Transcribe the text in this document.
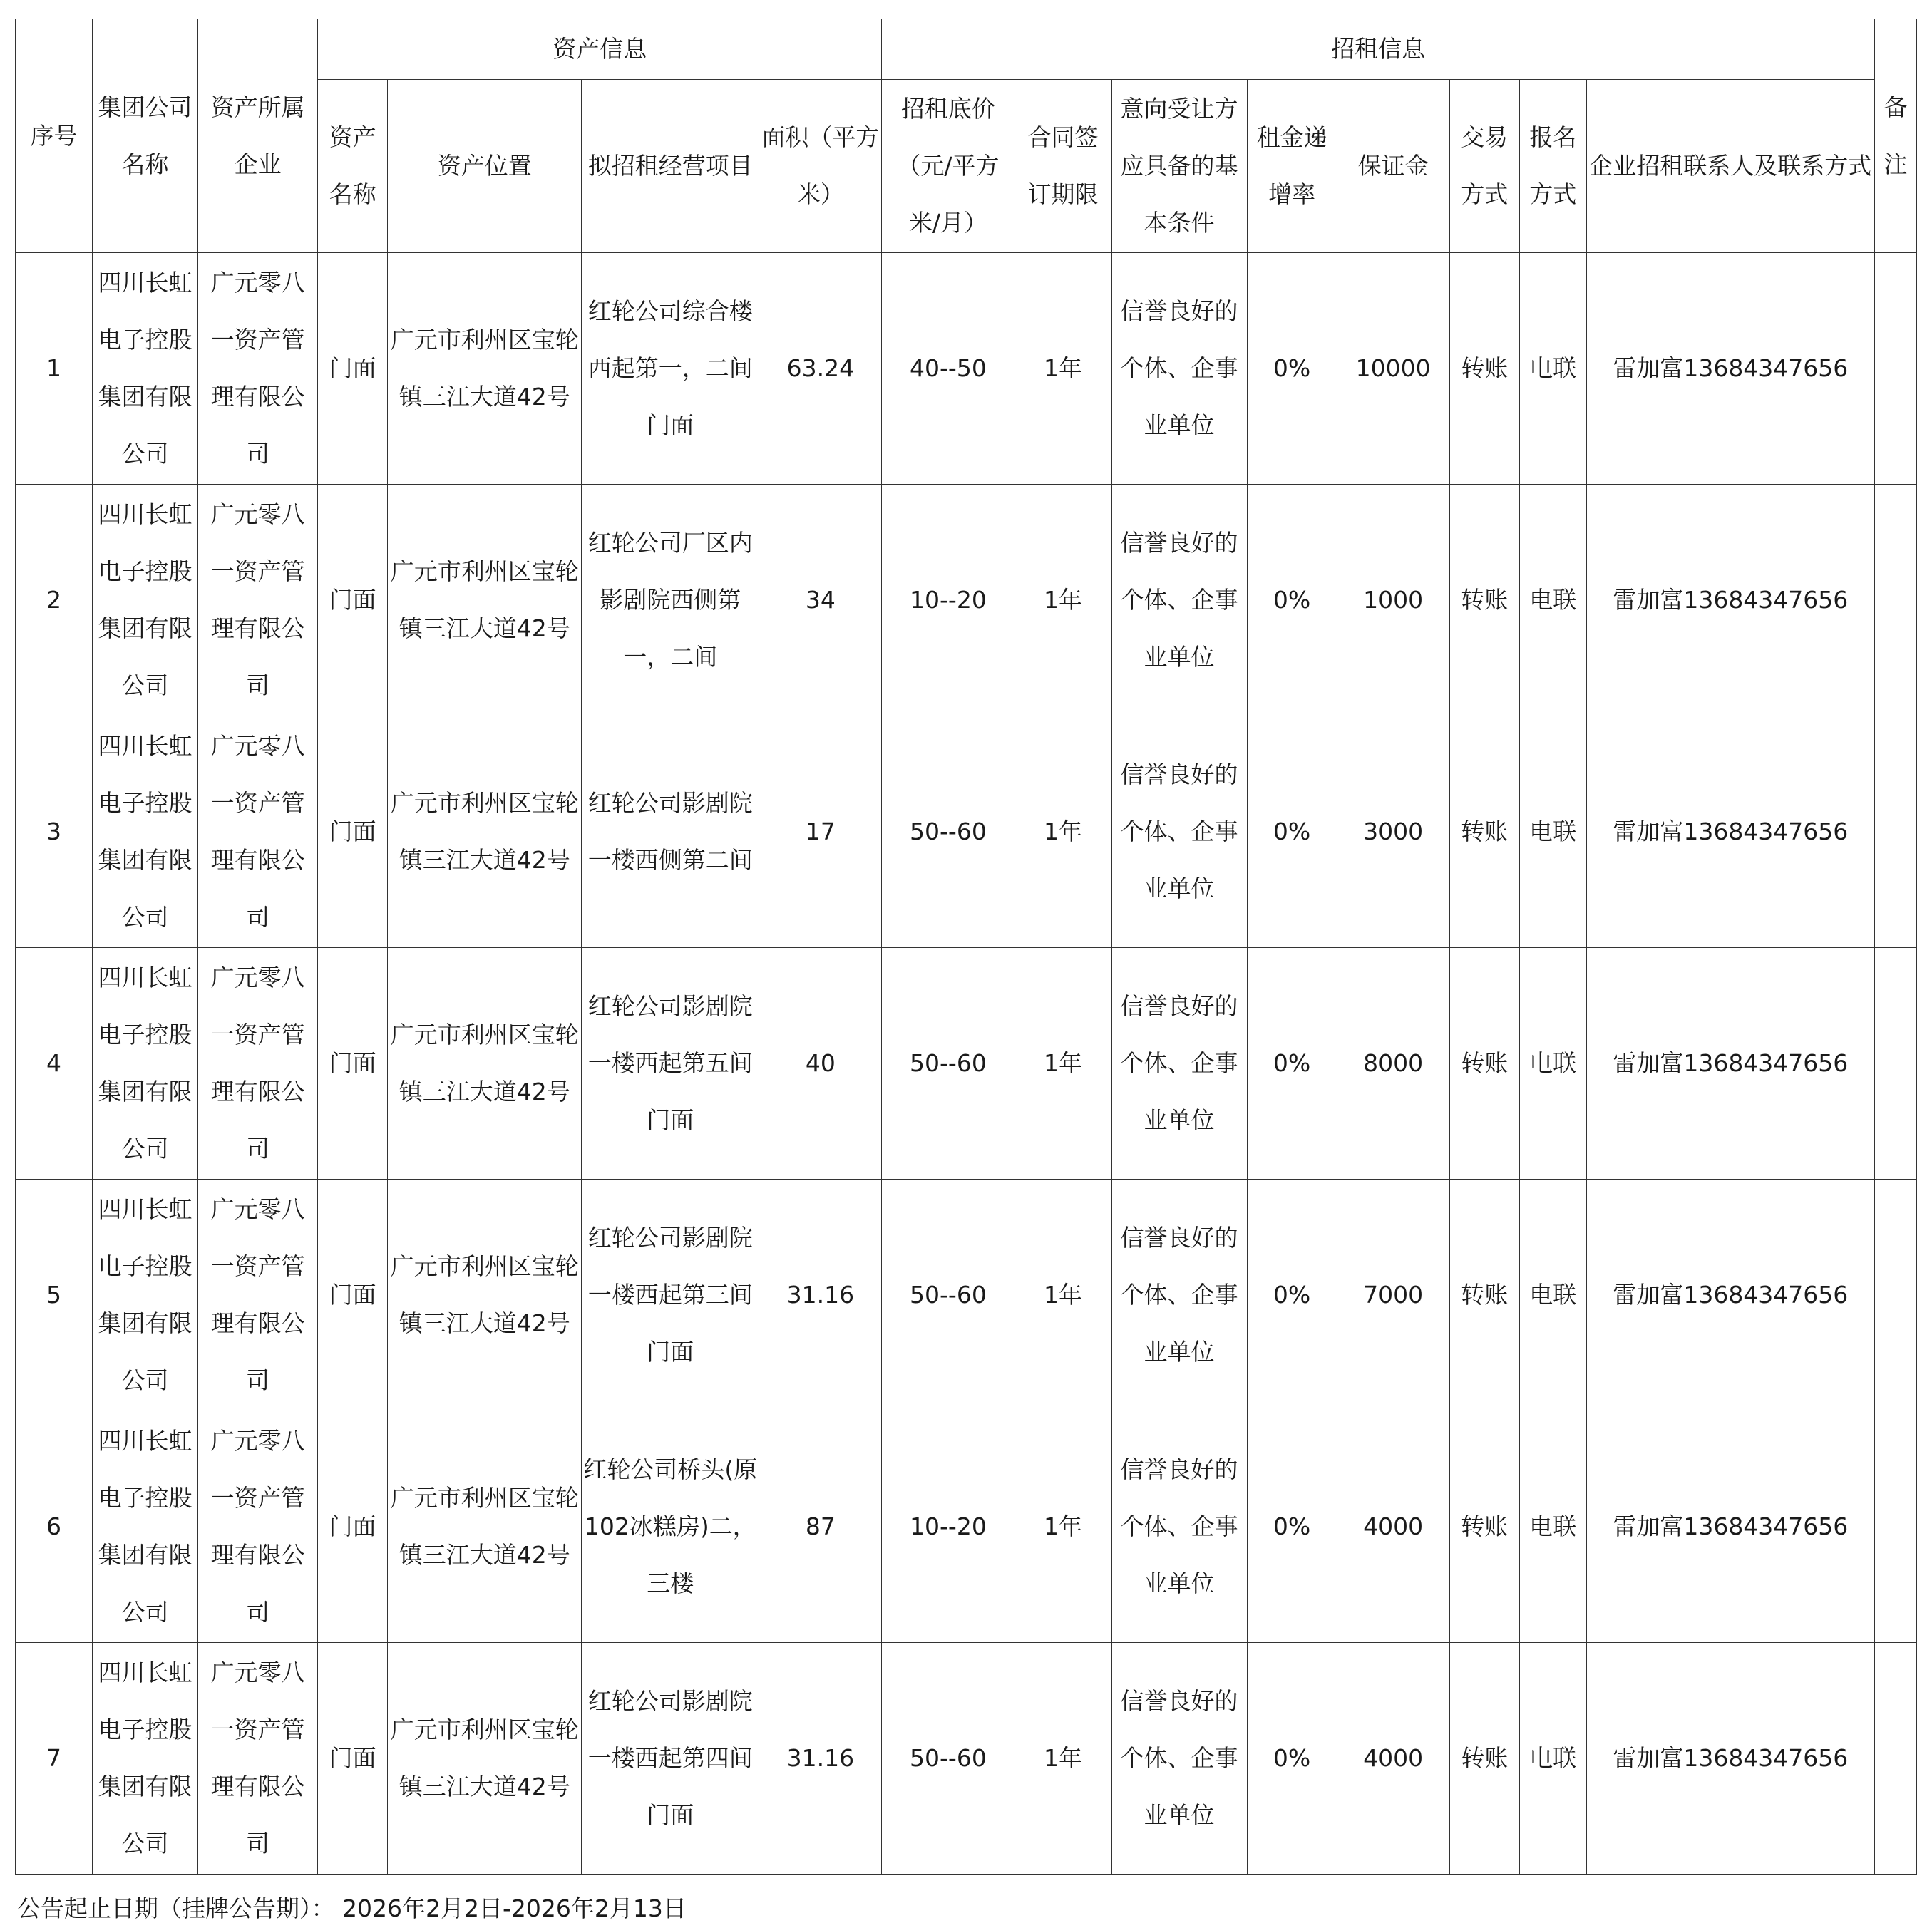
序号	集团公司名称	资产所属企业	资产信息				招租信息								备注
			资产名称	资产位置	拟招租经营项目	面积（平方米）	招租底价（元/平方米/月）	合同签订期限	意向受让方应具备的基本条件	租金递增率	保证金	交易方式	报名方式	企业招租联系人及联系方式	
1	四川长虹电子控股集团有限公司	广元零八一资产管理有限公司	门面	广元市利州区宝轮镇三江大道42号	红轮公司综合楼西起第一，二间门面	63.24	40--50	1年	信誉良好的个体、企事业单位	0%	10000	转账	电联	雷加富13684347656	
2	四川长虹电子控股集团有限公司	广元零八一资产管理有限公司	门面	广元市利州区宝轮镇三江大道42号	红轮公司厂区内影剧院西侧第一，二间	34	10--20	1年	信誉良好的个体、企事业单位	0%	1000	转账	电联	雷加富13684347656	
3	四川长虹电子控股集团有限公司	广元零八一资产管理有限公司	门面	广元市利州区宝轮镇三江大道42号	红轮公司影剧院一楼西侧第二间	17	50--60	1年	信誉良好的个体、企事业单位	0%	3000	转账	电联	雷加富13684347656	
4	四川长虹电子控股集团有限公司	广元零八一资产管理有限公司	门面	广元市利州区宝轮镇三江大道42号	红轮公司影剧院一楼西起第五间门面	40	50--60	1年	信誉良好的个体、企事业单位	0%	8000	转账	电联	雷加富13684347656	
5	四川长虹电子控股集团有限公司	广元零八一资产管理有限公司	门面	广元市利州区宝轮镇三江大道42号	红轮公司影剧院一楼西起第三间门面	31.16	50--60	1年	信誉良好的个体、企事业单位	0%	7000	转账	电联	雷加富13684347656	
6	四川长虹电子控股集团有限公司	广元零八一资产管理有限公司	门面	广元市利州区宝轮镇三江大道42号	红轮公司桥头(原102冰糕房)二，三楼	87	10--20	1年	信誉良好的个体、企事业单位	0%	4000	转账	电联	雷加富13684347656	
7	四川长虹电子控股集团有限公司	广元零八一资产管理有限公司	门面	广元市利州区宝轮镇三江大道42号	红轮公司影剧院一楼西起第四间门面	31.16	50--60	1年	信誉良好的个体、企事业单位	0%	4000	转账	电联	雷加富13684347656	
公告起止日期（挂牌公告期）： 2026年2月2日-2026年2月13日
